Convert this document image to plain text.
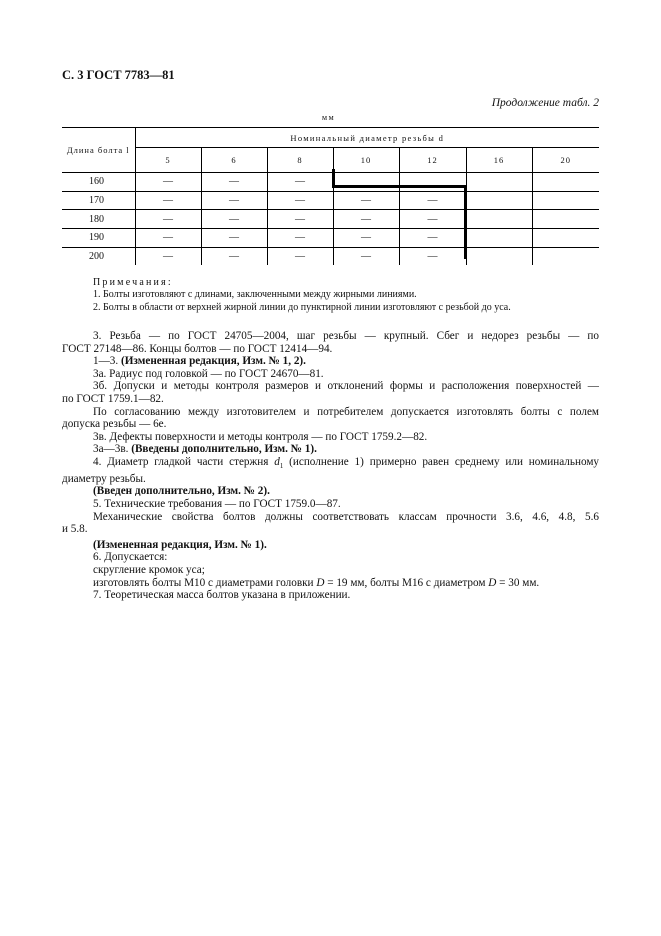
С. 3 ГОСТ 7783—81
Продолжение табл. 2
мм
Длина болта l	Номинальный диаметр резьбы d						
	5	6	8	10	12	16	20
160	—	—	—				
170	—	—	—	—	—		
180	—	—	—	—	—		
190	—	—	—	—	—		
200	—	—	—	—	—		
Примечания:
1. Болты изготовляют с длинами, заключенными между жирными линиями.
2. Болты в области от верхней жирной линии до пунктирной линии изготовляют с резьбой до уса.

3. Резьба — по ГОСТ 24705—2004, шаг резьбы — крупный. Сбег и недорез резьбы — по

ГОСТ 27148—86. Концы болтов — по ГОСТ 12414—94.

1—3. (Измененная редакция, Изм. № 1, 2).

3а. Радиус под головкой — по ГОСТ 24670—81.

3б. Допуски и методы контроля размеров и отклонений формы и расположения поверхностей —

по ГОСТ 1759.1—82.

По согласованию между изготовителем и потребителем допускается изготовлять болты с полем

допуска резьбы — 6е.

3в. Дефекты поверхности и методы контроля — по ГОСТ 1759.2—82.

3а—3в. (Введены дополнительно, Изм. № 1).

4. Диаметр гладкой части стержня $d_1$ (исполнение 1) примерно равен среднему или номинальному

диаметру резьбы.

(Введен дополнительно, Изм. № 2).

5. Технические требования — по ГОСТ 1759.0—87.

Механические свойства болтов должны соответствовать классам прочности 3.6, 4.6, 4.8, 5.6

и 5.8.

(Измененная редакция, Изм. № 1).

6. Допускается:

скругление кромок уса;

изготовлять болты М10 с диаметрами головки D = 19 мм, болты М16 с диаметром D = 30 мм.

7. Теоретическая масса болтов указана в приложении.
